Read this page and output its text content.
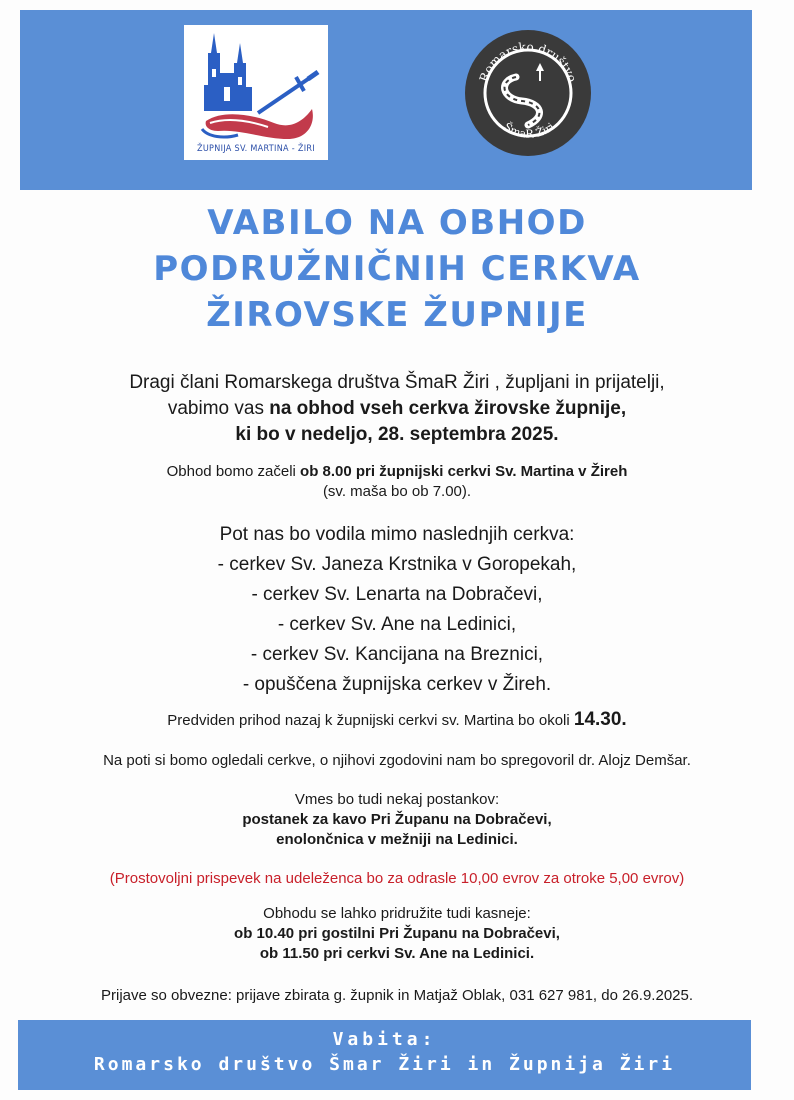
ŽUPNIJA SV. MARTINA - ŽIRI
Romarsko društvo
ŠmaR Žiri
VABILO NA OBHOD
PODRUŽNIČNIH CERKVA
ŽIROVSKE ŽUPNIJE
Dragi člani Romarskega društva ŠmaR Žiri , župljani in prijatelji,
vabimo vas na obhod vseh cerkva žirovske župnije,
ki bo v nedeljo, 28. septembra 2025.
Obhod bomo začeli ob 8.00 pri župnijski cerkvi Sv. Martina v Žireh
(sv. maša bo ob 7.00).
Pot nas bo vodila mimo naslednjih cerkva:
- cerkev Sv. Janeza Krstnika v Goropekah,
- cerkev Sv. Lenarta na Dobračevi,
- cerkev Sv. Ane na Ledinici,
- cerkev Sv. Kancijana na Breznici,
- opuščena župnijska cerkev v Žireh.
Predviden prihod nazaj k župnijski cerkvi sv. Martina bo okoli 14.30.
Na poti si bomo ogledali cerkve, o njihovi zgodovini nam bo spregovoril dr. Alojz Demšar.
Vmes bo tudi nekaj postankov:
postanek za kavo Pri Županu na Dobračevi,
enolončnica v mežniji na Ledinici.
(Prostovoljni prispevek na udeleženca bo za odrasle 10,00 evrov za otroke 5,00 evrov)
Obhodu se lahko pridružite tudi kasneje:
ob 10.40 pri gostilni Pri Županu na Dobračevi,
ob 11.50 pri cerkvi Sv. Ane na Ledinici.
Prijave so obvezne: prijave zbirata g. župnik in Matjaž Oblak, 031 627 981, do 26.9.2025.
Vabita:
Romarsko društvo Šmar Žiri in Župnija Žiri
